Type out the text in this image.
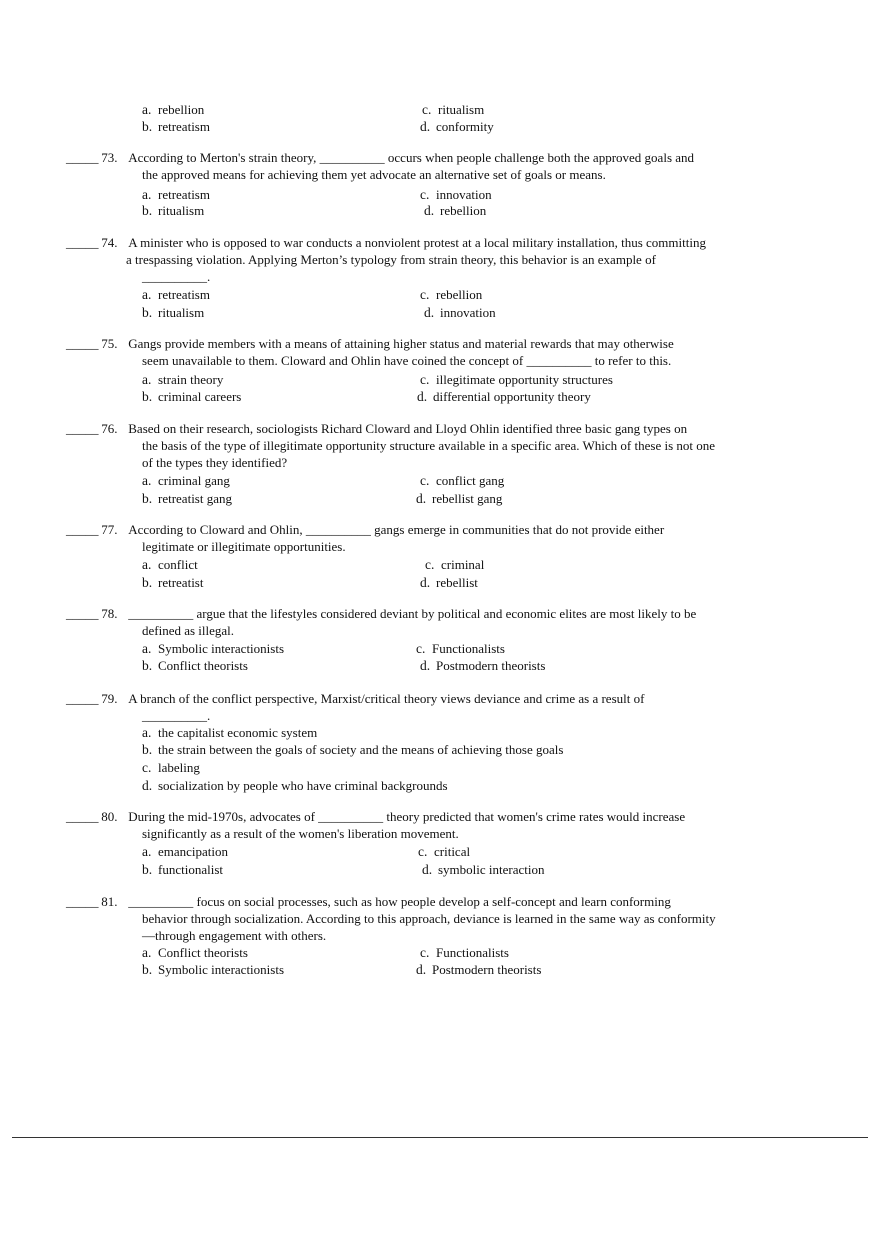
a. rebellion
b. retreatism
c. ritualism
d. conformity
_____ 73. According to Merton's strain theory, __________ occurs when people challenge both the approved goals and
the approved means for achieving them yet advocate an alternative set of goals or means.
a. retreatism
b. ritualism
c. innovation
d. rebellion
_____ 74. A minister who is opposed to war conducts a nonviolent protest at a local military installation, thus committing
a trespassing violation. Applying Merton’s typology from strain theory, this behavior is an example of
__________.
a. retreatism
b. ritualism
c. rebellion
d. innovation
_____ 75. Gangs provide members with a means of attaining higher status and material rewards that may otherwise
seem unavailable to them. Cloward and Ohlin have coined the concept of __________ to refer to this.
a. strain theory
b. criminal careers
c. illegitimate opportunity structures
d. differential opportunity theory
_____ 76. Based on their research, sociologists Richard Cloward and Lloyd Ohlin identified three basic gang types on
the basis of the type of illegitimate opportunity structure available in a specific area. Which of these is not one
of the types they identified?
a. criminal gang
b. retreatist gang
c. conflict gang
d. rebellist gang
_____ 77. According to Cloward and Ohlin, __________ gangs emerge in communities that do not provide either
legitimate or illegitimate opportunities.
a. conflict
b. retreatist
c. criminal
d. rebellist
_____ 78. __________ argue that the lifestyles considered deviant by political and economic elites are most likely to be
defined as illegal.
a. Symbolic interactionists
b. Conflict theorists
c. Functionalists
d. Postmodern theorists
_____ 79. A branch of the conflict perspective, Marxist/critical theory views deviance and crime as a result of
__________.
a. the capitalist economic system
b. the strain between the goals of society and the means of achieving those goals
c. labeling
d. socialization by people who have criminal backgrounds
_____ 80. During the mid-1970s, advocates of __________ theory predicted that women's crime rates would increase
significantly as a result of the women's liberation movement.
a. emancipation
b. functionalist
c. critical
d. symbolic interaction
_____ 81. __________ focus on social processes, such as how people develop a self-concept and learn conforming
behavior through socialization. According to this approach, deviance is learned in the same way as conformity
—through engagement with others.
a. Conflict theorists
b. Symbolic interactionists
c. Functionalists
d. Postmodern theorists
